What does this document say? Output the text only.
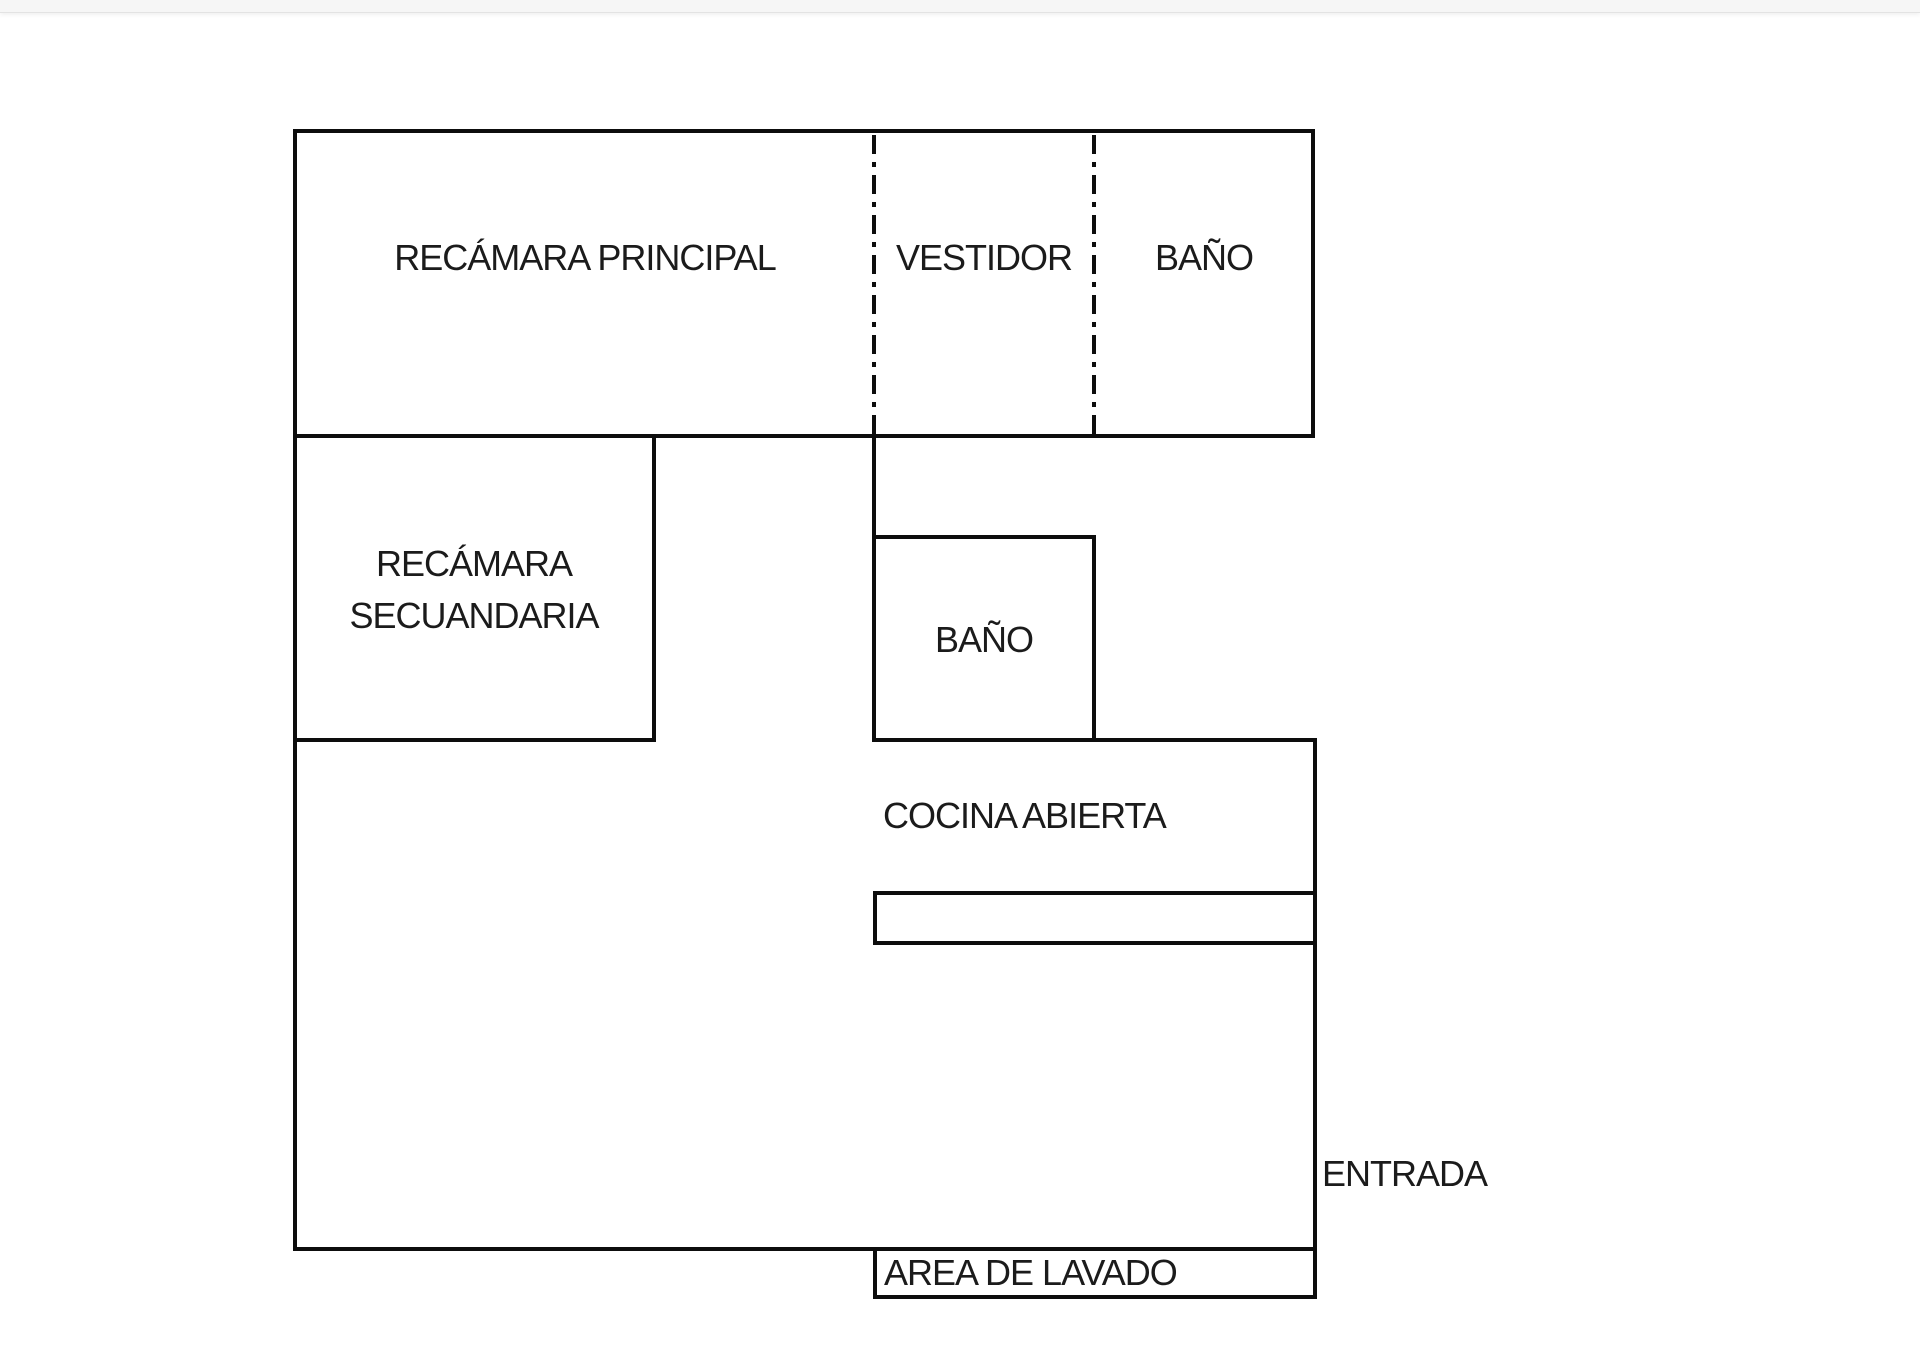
RECÁMARA PRINCIPAL	VESTIDOR BAÑO
RECÁMARA SECUANDARIA
BAÑO
COCINA ABIERTA
ENTRADA
AREA DE LAVADO
